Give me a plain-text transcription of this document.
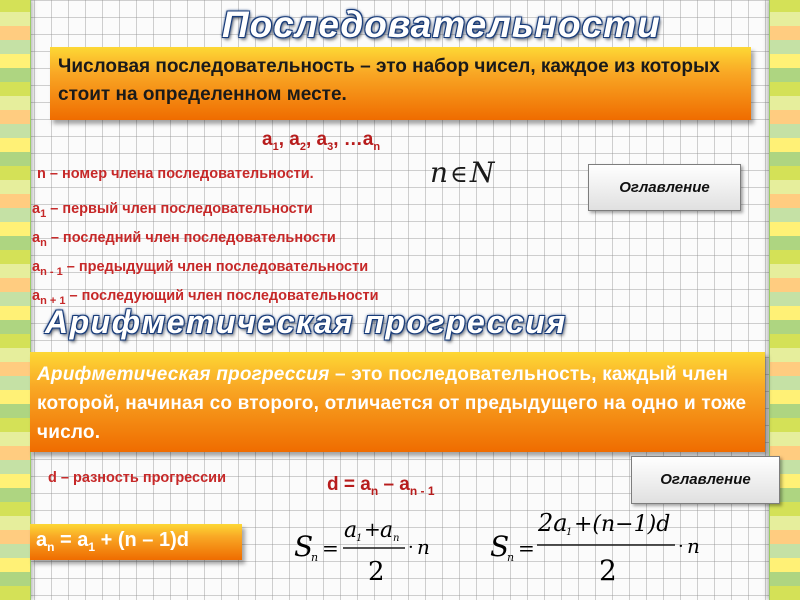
Последовательности
Числовая последовательность – это набор чисел, каждое из которых стоит на определенном месте.
$a_1$, $a_2$, $a_3$, $\dots a_n$
n – номер члена последовательности.	n∈N
$a_1$ – первый член последовательности
$a_n$ – последний член последовательности
$a_{n - 1}$ – предыдущий член последовательности
$a_{n + 1}$ – последующий член последовательности
Оглавление
Арифметическая прогрессия
Арифметическая прогрессия – это последовательность, каждый член которой, начиная со второго, отличается от предыдущего на одно и тоже число.
d – разность прогрессии	$d = a_n - a_{n - 1}$
Оглавление
$a_n = a_1 + (n - 1)d$	S
n =
a
1 + a n
2
· n S
n =
2a
1 +(n−1)d
2
· n
